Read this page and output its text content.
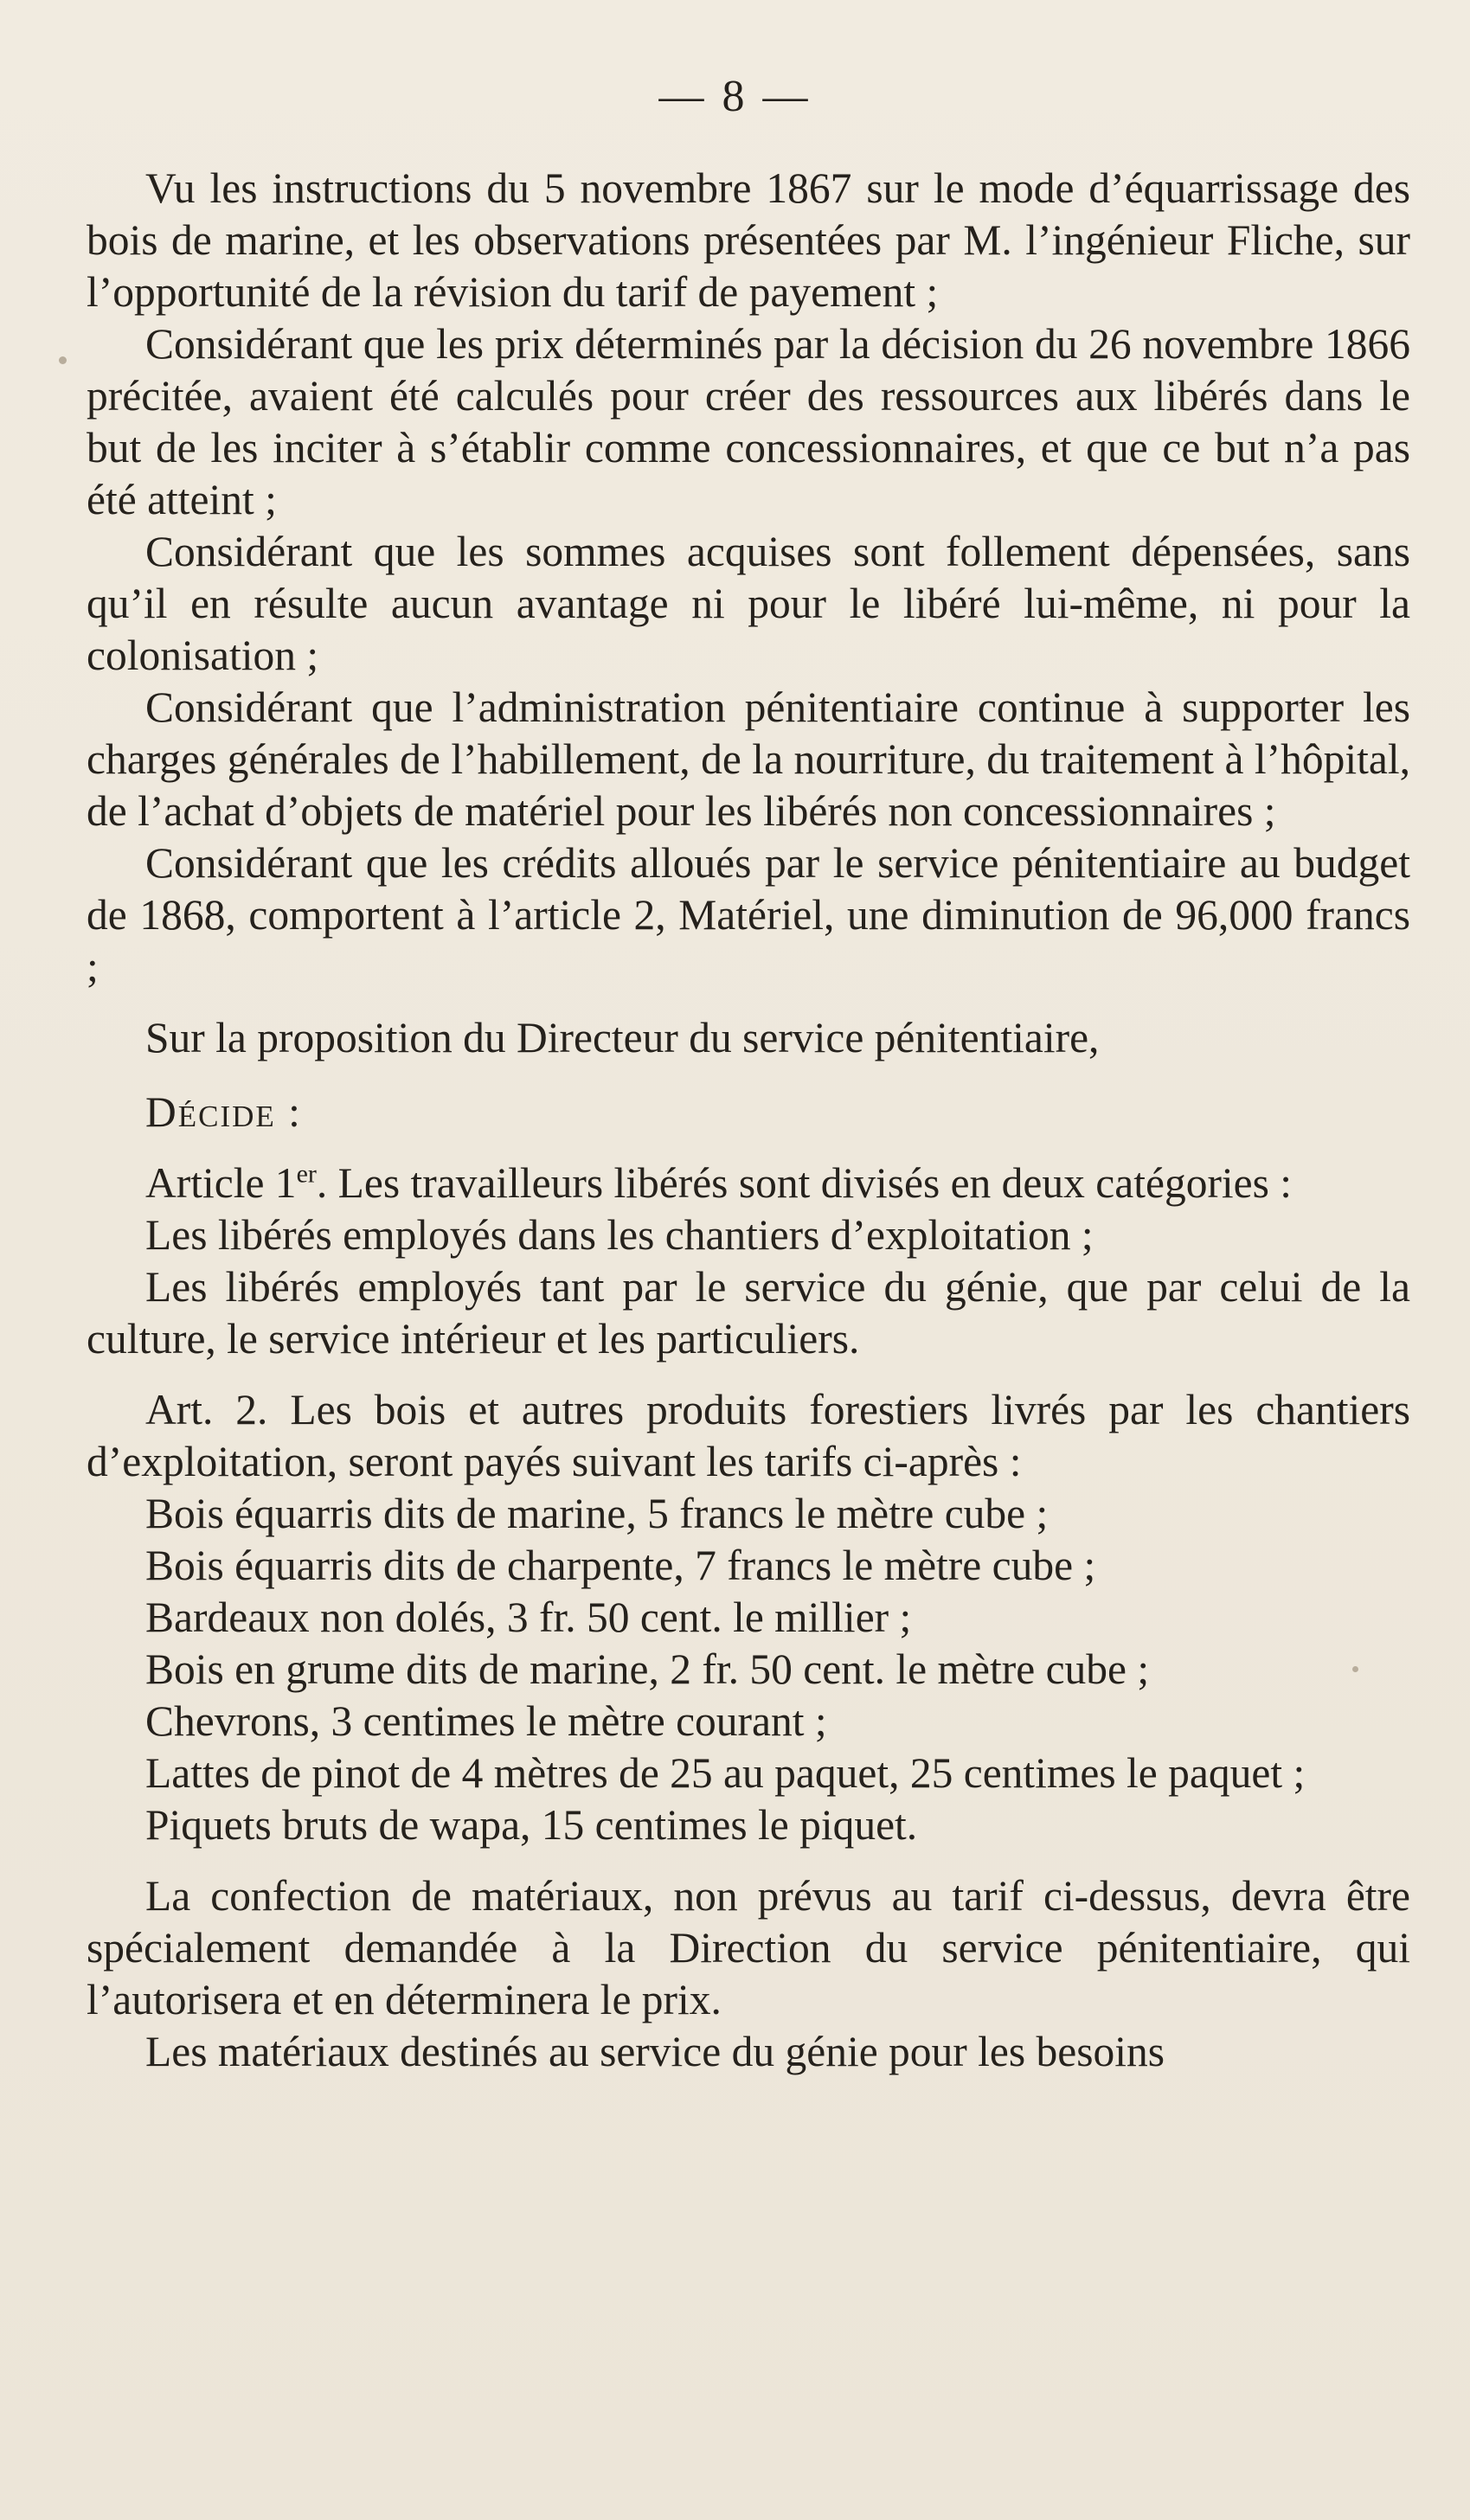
— 8 —

Vu les instructions du 5 novembre 1867 sur le mode d’équarrissage des bois de marine, et les observations présentées par M. l’ingénieur Fliche, sur l’opportunité de la révision du tarif de payement ;

Considérant que les prix déterminés par la décision du 26 novembre 1866 précitée, avaient été calculés pour créer des ressources aux libérés dans le but de les inciter à s’établir comme concessionnaires, et que ce but n’a pas été atteint ;

Considérant que les sommes acquises sont follement dépensées, sans qu’il en résulte aucun avantage ni pour le libéré lui-même, ni pour la colonisation ;

Considérant que l’administration pénitentiaire continue à supporter les charges générales de l’habillement, de la nourriture, du traitement à l’hôpital, de l’achat d’objets de matériel pour les libérés non concessionnaires ;

Considérant que les crédits alloués par le service pénitentiaire au budget de 1868, comportent à l’article 2, Matériel, une diminution de 96,000 francs ;

Sur la proposition du Directeur du service pénitentiaire,

Décide :

Article 1er. Les travailleurs libérés sont divisés en deux catégories :

Les libérés employés dans les chantiers d’exploitation ;

Les libérés employés tant par le service du génie, que par celui de la culture, le service intérieur et les particuliers.

Art. 2. Les bois et autres produits forestiers livrés par les chantiers d’exploitation, seront payés suivant les tarifs ci-après :

Bois équarris dits de marine, 5 francs le mètre cube ;

Bois équarris dits de charpente, 7 francs le mètre cube ;

Bardeaux non dolés, 3 fr. 50 cent. le millier ;

Bois en grume dits de marine, 2 fr. 50 cent. le mètre cube ;

Chevrons, 3 centimes le mètre courant ;

Lattes de pinot de 4 mètres de 25 au paquet, 25 centimes le paquet ;

Piquets bruts de wapa, 15 centimes le piquet.

La confection de matériaux, non prévus au tarif ci-dessus, devra être spécialement demandée à la Direction du service pénitentiaire, qui l’autorisera et en déterminera le prix.

Les matériaux destinés au service du génie pour les besoins
